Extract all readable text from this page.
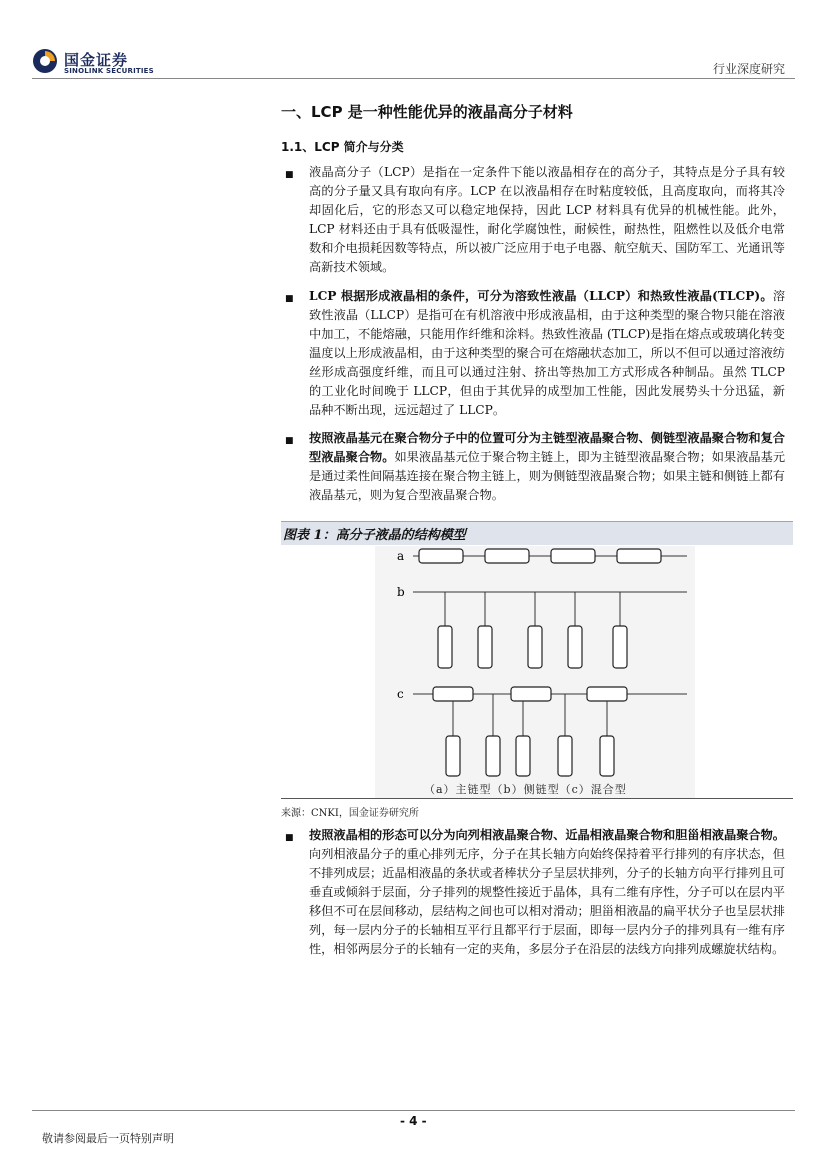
国金证券
SINOLINK SECURITIES	行业深度研究
一、LCP 是一种性能优异的液晶高分子材料
1.1、LCP 简介与分类
■ 液晶高分子（LCP）是指在一定条件下能以液晶相存在的高分子，其特点是分子具有较高的分子量又具有取向有序。LCP 在以液晶相存在时粘度较低，且高度取向，而将其冷却固化后，它的形态又可以稳定地保持，因此 LCP 材料具有优异的机械性能。此外，LCP 材料还由于具有低吸湿性，耐化学腐蚀性，耐候性，耐热性，阻燃性以及低介电常数和介电损耗因数等特点，所以被广泛应用于电子电器、航空航天、国防军工、光通讯等高新技术领域。
■ LCP 根据形成液晶相的条件，可分为溶致性液晶（LLCP）和热致性液晶(TLCP)。溶致性液晶（LLCP）是指可在有机溶液中形成液晶相，由于这种类型的聚合物只能在溶液中加工，不能熔融，只能用作纤维和涂料。热致性液晶 (TLCP)是指在熔点或玻璃化转变温度以上形成液晶相，由于这种类型的聚合可在熔融状态加工，所以不但可以通过溶液纺丝形成高强度纤维，而且可以通过注射、挤出等热加工方式形成各种制品。虽然 TLCP 的工业化时间晚于 LLCP，但由于其优异的成型加工性能，因此发展势头十分迅猛，新品种不断出现，远远超过了 LLCP。
■ 按照液晶基元在聚合物分子中的位置可分为主链型液晶聚合物、侧链型液晶聚合物和复合型液晶聚合物。如果液晶基元位于聚合物主链上，即为主链型液晶聚合物；如果液晶基元是通过柔性间隔基连接在聚合物主链上，则为侧链型液晶聚合物；如果主链和侧链上都有液晶基元，则为复合型液晶聚合物。
图表 1：高分子液晶的结构模型
a
b
c
（a）主链型（b）侧链型（c）混合型
来源：CNKI，国金证券研究所
■ 按照液晶相的形态可以分为向列相液晶聚合物、近晶相液晶聚合物和胆甾相液晶聚合物。向列相液晶分子的重心排列无序，分子在其长轴方向始终保持着平行排列的有序状态，但不排列成层；近晶相液晶的条状或者棒状分子呈层状排列，分子的长轴方向平行排列且可垂直或倾斜于层面，分子排列的规整性接近于晶体，具有二维有序性，分子可以在层内平移但不可在层间移动，层结构之间也可以相对滑动；胆甾相液晶的扁平状分子也呈层状排列，每一层内分子的长轴相互平行且都平行于层面，即每一层内分子的排列具有一维有序性，相邻两层分子的长轴有一定的夹角，多层分子在沿层的法线方向排列成螺旋状结构。
- 4 -
敬请参阅最后一页特别声明
